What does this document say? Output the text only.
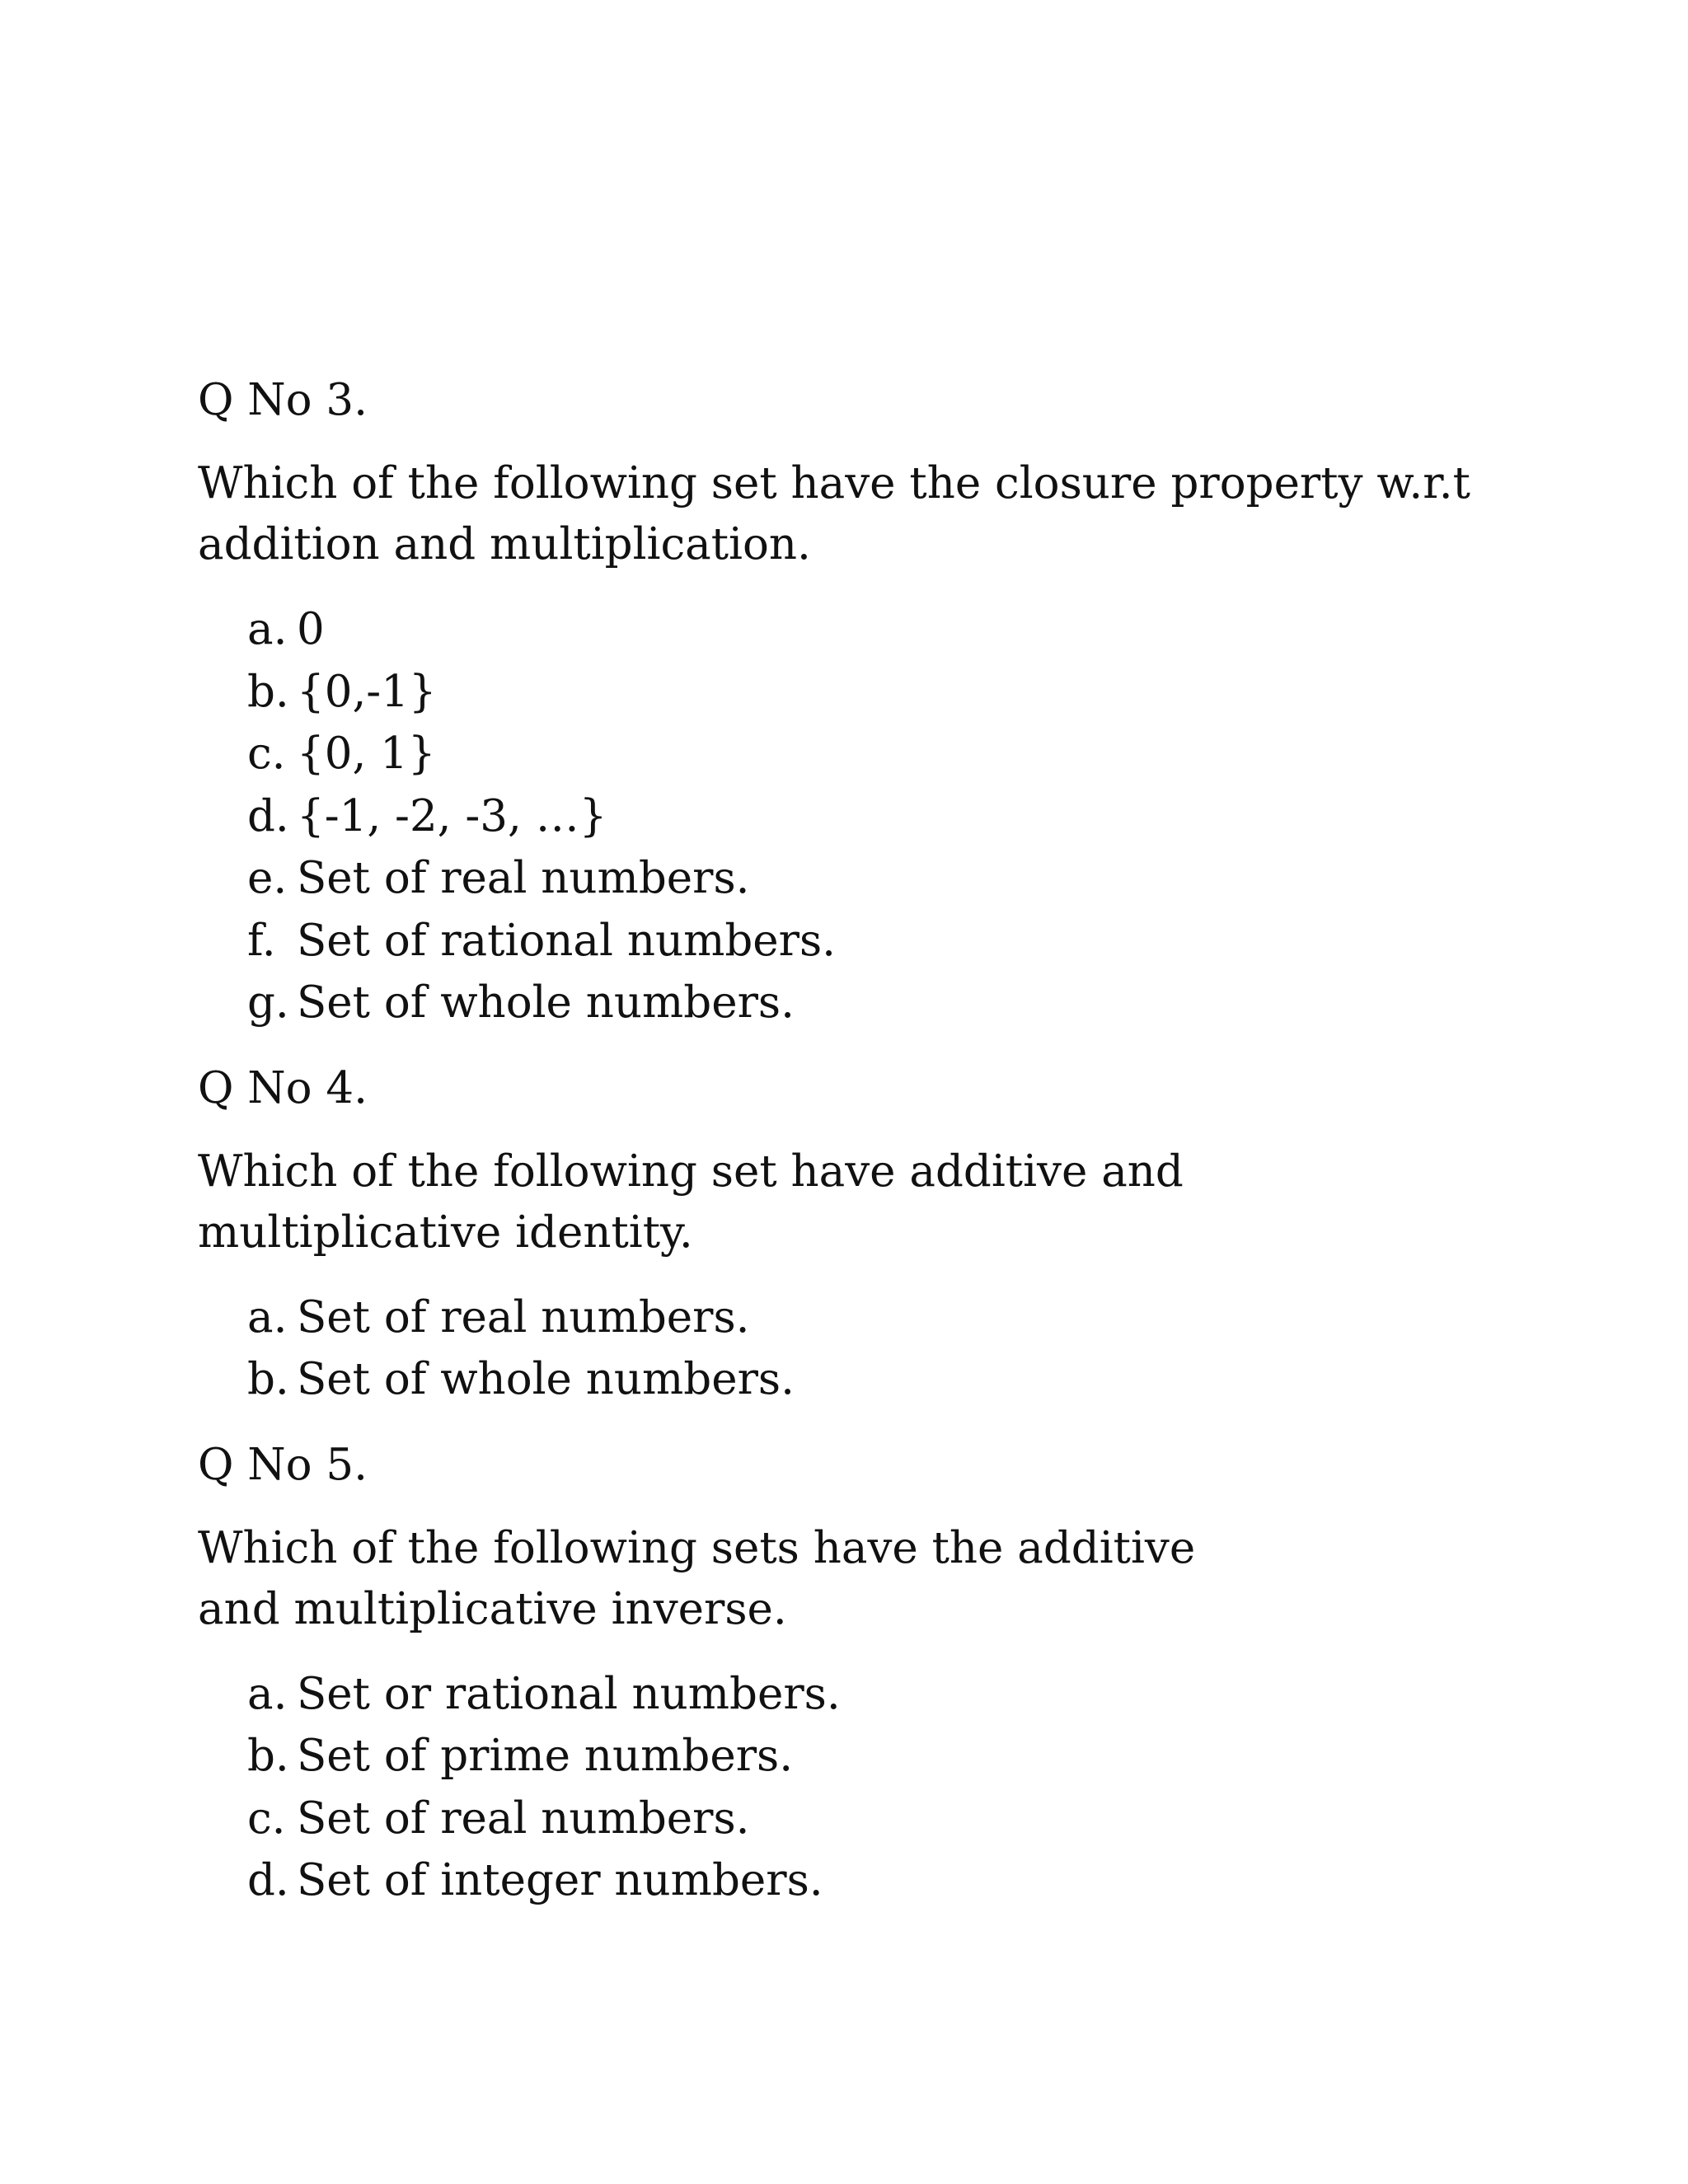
Q No 3.
Which of the following set have the closure property w.r.t addition and multiplication.
a. 0
b. {0,-1}
c. {0, 1}
d. {-1, -2, -3, …}
e. Set of real numbers.
f. Set of rational numbers.
g. Set of whole numbers.
Q No 4.
Which of the following set have additive and multiplicative identity.
a. Set of real numbers.
b. Set of whole numbers.
Q No 5.
Which of the following sets have the additive and multiplicative inverse.
a. Set or rational numbers.
b. Set of prime numbers.
c. Set of real numbers.
d. Set of integer numbers.
